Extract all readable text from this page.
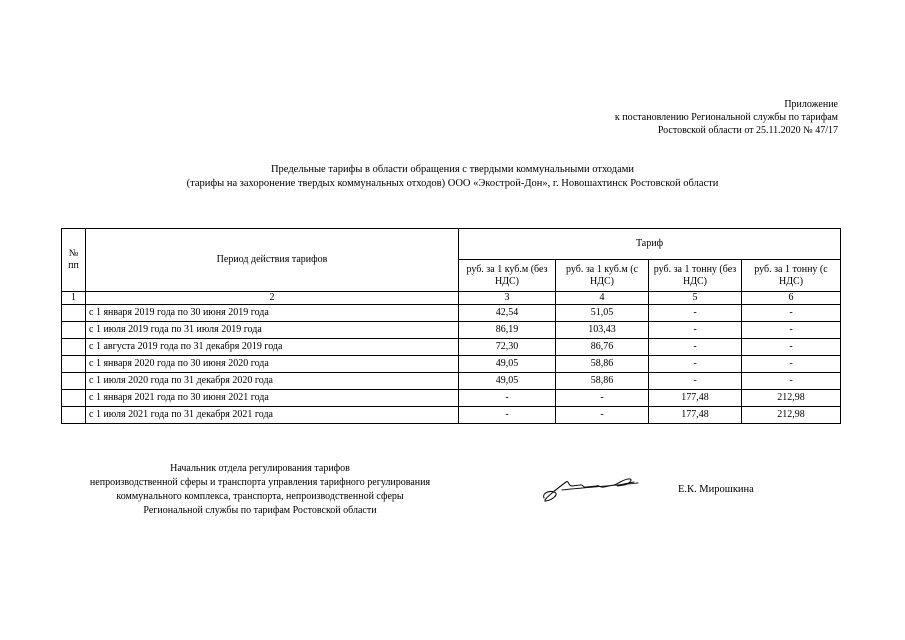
Приложение
к постановлению Региональной службы по тарифам
Ростовской области от 25.11.2020 № 47/17
Предельные тарифы в области обращения с твердыми коммунальными отходами
(тарифы на захоронение твердых коммунальных отходов) ООО «Экострой-Дон», г. Новошахтинск Ростовской области
№ пп	Период действия тарифов	Тариф			
		руб. за 1 куб.м (без НДС)	руб. за 1 куб.м (с НДС)	руб. за 1 тонну (без НДС)	руб. за 1 тонну (с НДС)
1	2	3	4	5	6
	с 1 января 2019 года по 30 июня 2019 года	42,54	51,05	-	-
	с 1 июля 2019 года по 31 июля 2019 года	86,19	103,43	-	-
	с 1 августа 2019 года по 31 декабря 2019 года	72,30	86,76	-	-
	с 1 января 2020 года по 30 июня 2020 года	49,05	58,86	-	-
	с 1 июля 2020 года по 31 декабря 2020 года	49,05	58,86	-	-
	с 1 января 2021 года по 30 июня 2021 года	-	-	177,48	212,98
	с 1 июля 2021 года по 31 декабря 2021 года	-	-	177,48	212,98
Начальник отдела регулирования тарифов
непроизводственной сферы и транспорта управления тарифного регулирования
коммунального комплекса, транспорта, непроизводственной сферы
Региональной службы по тарифам Ростовской области
Е.К. Мирошкина
